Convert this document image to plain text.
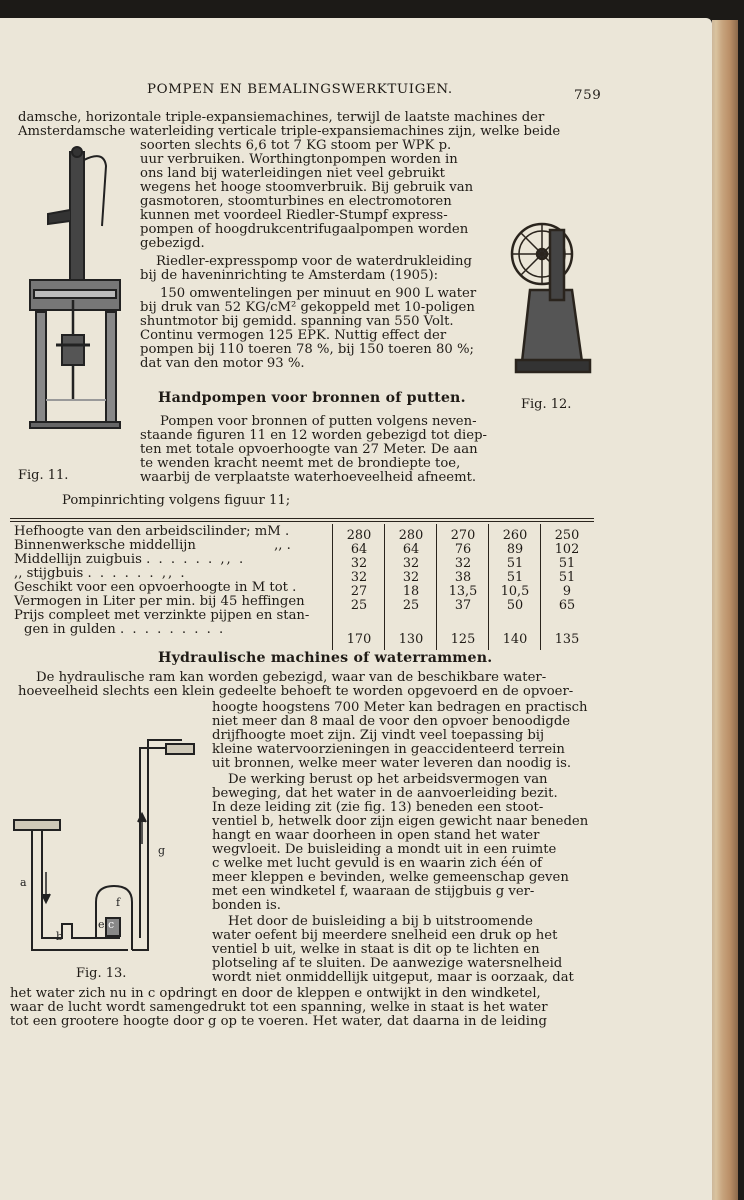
POMPEN EN BEMALINGSWERKTUIGEN.	759
damsche, horizontale triple-expansiemachines, terwijl de laatste machines der
Amsterdamsche waterleiding verticale triple-expansiemachines zijn, welke beide
soorten slechts 6,6 tot 7 KG stoom per WPK p.
uur verbruiken. Worthingtonpompen worden in
ons land bij waterleidingen niet veel gebruikt
wegens het hooge stoomverbruik. Bij gebruik van
gasmotoren, stoomturbines en electromotoren
kunnen met voordeel Riedler-Stumpf express-
pompen of hoogdrukcentrifugaalpompen worden
gebezigd.
Riedler-expresspomp voor de waterdrukleiding
bij de haveninrichting te Amsterdam (1905):
150 omwentelingen per minuut en 900 L water
bij druk van 52 KG/cM² gekoppeld met 10-poligen
shuntmotor bij gemidd. spanning van 550 Volt.
Continu vermogen 125 EPK. Nuttig effect der
pompen bij 110 toeren 78 %, bij 150 toeren 80 %;
dat van den motor 93 %.
Fig. 11.
Fig. 12.
Handpompen voor bronnen of putten.
Pompen voor bronnen of putten volgens neven-
staande figuren 11 en 12 worden gebezigd tot diep-
ten met totale opvoerhoogte van 27 Meter. De aan
te wenden kracht neemt met de brondiepte toe,
waarbij de verplaatste waterhoeveelheid afneemt.
Pompinrichting volgens figuur 11;
Hefhoogte van den arbeidscilinder; mM .
Binnenwerksche middellijn	,, .
Middellijn zuigbuis . . . . . . ,, .
,, stijgbuis . . . . . . ,, .
Geschikt voor een opvoerhoogte in M tot .
Vermogen in Liter per min. bij 45 heffingen
Prijs compleet met verzinkte pijpen en stan-
gen in gulden . . . . . . . . .
280
64
32
32
27
25
170
280
64
32
32
18
25
130
270
76
32
38
13,5
37
125
260
89
51
51
10,5
50
140
250
102
51
51
9
65
135
Hydraulische machines of waterrammen.
De hydraulische ram kan worden gebezigd, waar van de beschikbare water-
hoeveelheid slechts een klein gedeelte behoeft te worden opgevoerd en de opvoer-
hoogte hoogstens 700 Meter kan bedragen en practisch
niet meer dan 8 maal de voor den opvoer benoodigde
drijfhoogte moet zijn. Zij vindt veel toepassing bij
kleine watervoorzieningen in geaccidenteerd terrein
uit bronnen, welke meer water leveren dan noodig is.
De werking berust op het arbeidsvermogen van
beweging, dat het water in de aanvoerleiding bezit.
In deze leiding zit (zie fig. 13) beneden een stoot-
ventiel b, hetwelk door zijn eigen gewicht naar beneden
hangt en waar doorheen in open stand het water
wegvloeit. De buisleiding a mondt uit in een ruimte
c welke met lucht gevuld is en waarin zich één of
meer kleppen e bevinden, welke gemeenschap geven
met een windketel f, waaraan de stijgbuis g ver-
bonden is.
Het door de buisleiding a bij b uitstroomende
water oefent bij meerdere snelheid een druk op het
ventiel b uit, welke in staat is dit op te lichten en
plotseling af te sluiten. De aanwezige watersnelheid
wordt niet onmiddellijk uitgeput, maar is oorzaak, dat
het water zich nu in c opdringt en door de kleppen e ontwijkt in den windketel,
waar de lucht wordt samengedrukt tot een spanning, welke in staat is het water
tot een grootere hoogte door g op te voeren. Het water, dat daarna in de leiding
a
b
e c
f
g
Fig. 13.
